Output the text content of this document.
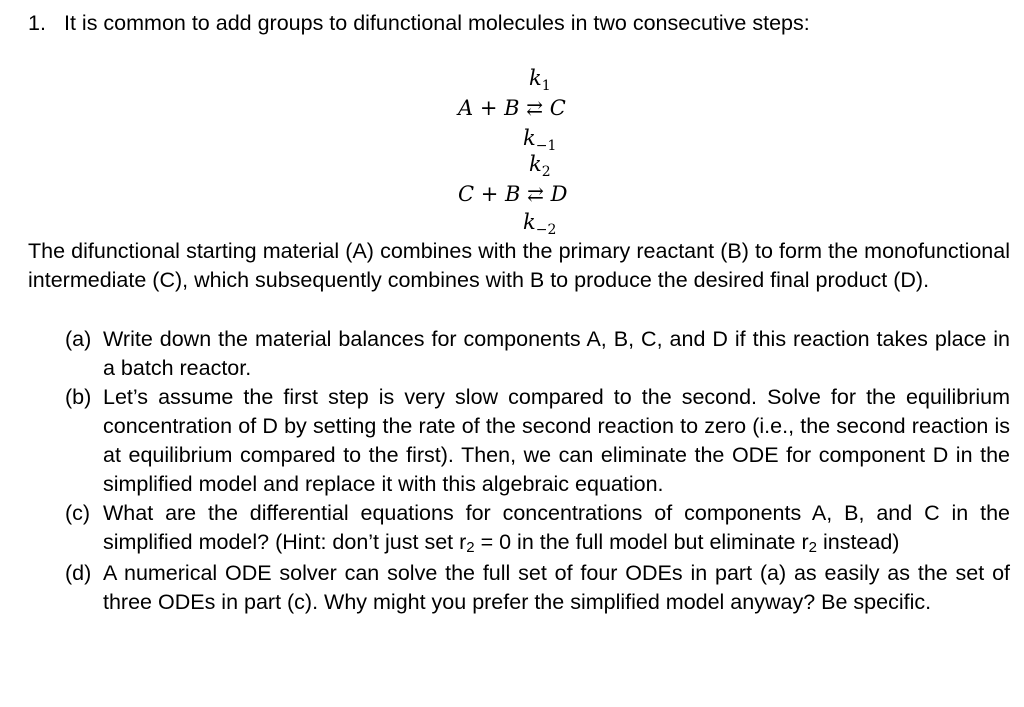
1. It is common to add groups to difunctional molecules in two consecutive steps:
$k_1$
A + B ⇄ C
$k_{-1}$
$k_2$
C + B ⇄ D
$k_{-2}$
The difunctional starting material (A) combines with the primary reactant (B) to form the monofunctional intermediate (C), which subsequently combines with B to produce the desired final product (D).
(a) Write down the material balances for components A, B, C, and D if this reaction takes place in a batch reactor.
(b) Let’s assume the first step is very slow compared to the second. Solve for the equilibrium concentration of D by setting the rate of the second reaction to zero (i.e., the second reaction is at equilibrium compared to the first). Then, we can eliminate the ODE for component D in the simplified model and replace it with this algebraic equation.
(c) What are the differential equations for concentrations of components A, B, and C in the simplified model? (Hint: don’t just set r2 = 0 in the full model but eliminate r2 instead)
(d) A numerical ODE solver can solve the full set of four ODEs in part (a) as easily as the set of three ODEs in part (c). Why might you prefer the simplified model anyway? Be specific.
